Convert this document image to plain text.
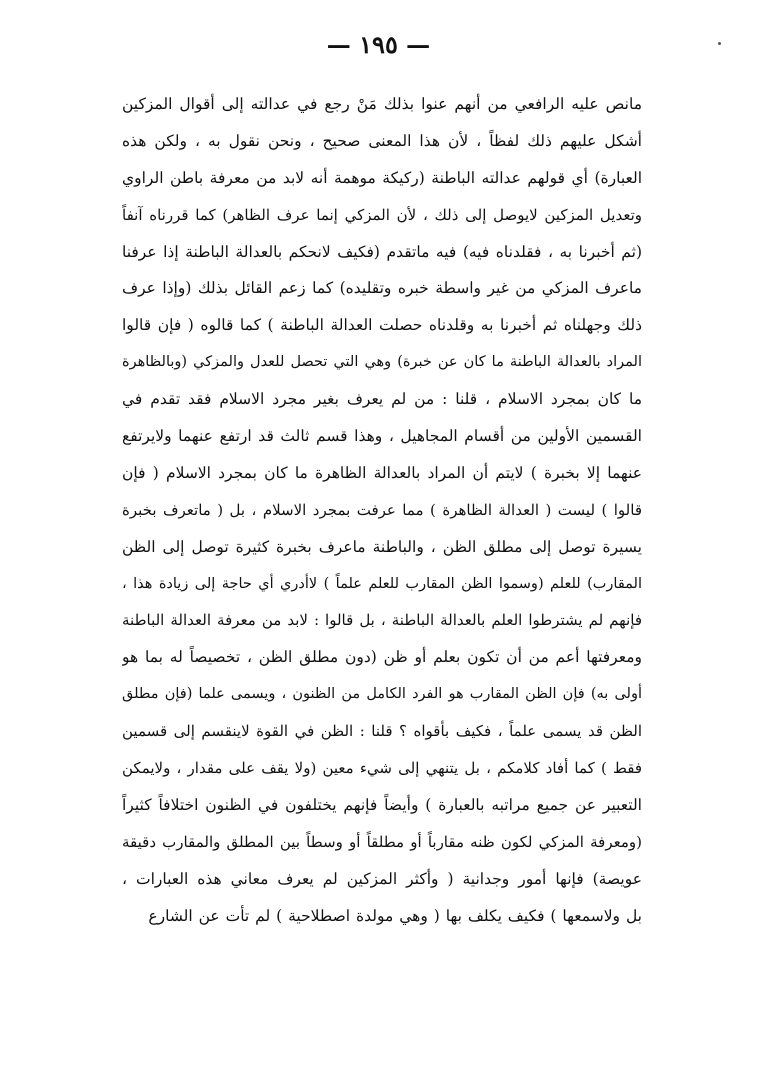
— ١٩٥ —
مانص عليه الرافعي من أنهم عنوا بذلك مَنْ رجع في عدالته إلى أقوال المزكين
أشكل عليهم ذلك لفظاً ، لأن هذا المعنى صحيح ، ونحن نقول به ، ولكن هذه
العبارة) أي قولهم عدالته الباطنة (ركيكة موهمة أنه لابد من معرفة باطن الراوي
وتعديل المزكين لايوصل إلى ذلك ، لأن المزكي إنما عرف الظاهر) كما قررناه آنفاً
(ثم أخبرنا به ، فقلدناه فيه) فيه ماتقدم (فكيف لانحكم بالعدالة الباطنة إذا عرفنا
ماعرف المزكي من غير واسطة خبره وتقليده) كما زعم القائل بذلك (وإذا عرف
ذلك وجهلناه ثم أخبرنا به وقلدناه حصلت العدالة الباطنة ) كما قالوه ( فإن قالوا
المراد بالعدالة الباطنة ما كان عن خبرة) وهي التي تحصل للعدل والمزكي (وبالظاهرة
ما كان بمجرد الاسلام ، قلنا : من لم يعرف بغير مجرد الاسلام فقد تقدم في
القسمين الأولين من أقسام المجاهيل ، وهذا قسم ثالث قد ارتفع عنهما ولايرتفع
عنهما إلا بخبرة ) لايتم أن المراد بالعدالة الظاهرة ما كان بمجرد الاسلام ( فإن
قالوا ) ليست ( العدالة الظاهرة ) مما عرفت بمجرد الاسلام ، بل ( ماتعرف بخبرة
يسيرة توصل إلى مطلق الظن ، والباطنة ماعرف بخبرة كثيرة توصل إلى الظن
المقارب) للعلم (وسموا الظن المقارب للعلم علماً ) لاأدري أي حاجة إلى زيادة هذا ،
فإنهم لم يشترطوا العلم بالعدالة الباطنة ، بل قالوا : لابد من معرفة العدالة الباطنة
ومعرفتها أعم من أن تكون بعلم أو ظن (دون مطلق الظن ، تخصيصاً له بما هو
أولى به) فإن الظن المقارب هو الفرد الكامل من الظنون ، ويسمى علما (فإن مطلق
الظن قد يسمى علماً ، فكيف بأقواه ؟ قلنا : الظن في القوة لاينقسم إلى قسمين
فقط ) كما أفاد كلامكم ، بل يتنهي إلى شيء معين (ولا يقف على مقدار ، ولايمكن
التعبير عن جميع مراتبه بالعبارة ) وأيضاً فإنهم يختلفون في الظنون اختلافاً كثيراً
(ومعرفة المزكي لكون ظنه مقارباً أو مطلقاً أو وسطاً بين المطلق والمقارب دقيقة
عويصة) فإنها أمور وجدانية ( وأكثر المزكين لم يعرف معاني هذه العبارات ،
بل ولاسمعها ) فكيف يكلف بها ( وهي مولدة اصطلاحية ) لم تأت عن الشارع
